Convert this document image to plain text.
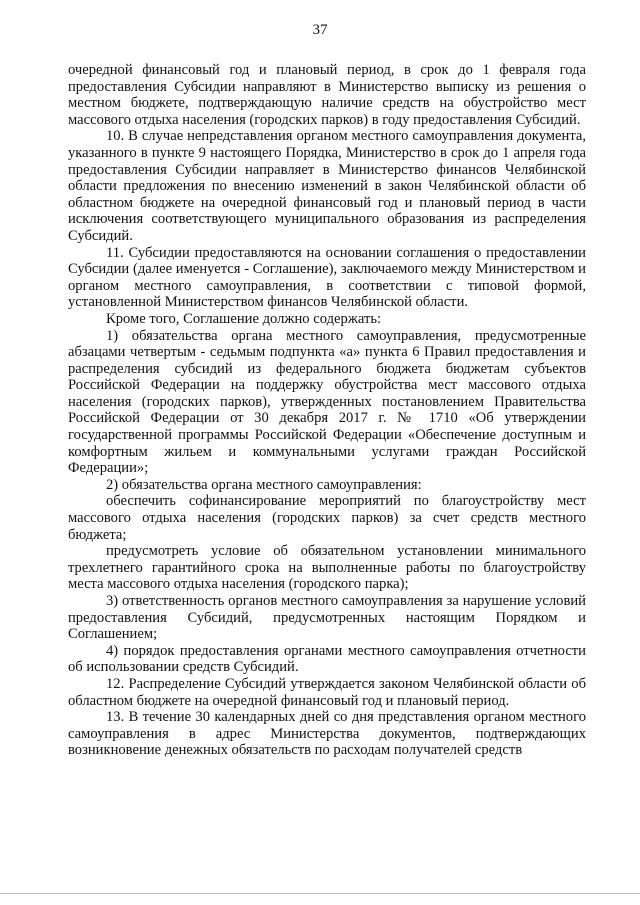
37

очередной финансовый год и плановый период, в срок до 1 февраля года предоставления Субсидии направляют в Министерство выписку из решения о местном бюджете, подтверждающую наличие средств на обустройство мест массового отдыха населения (городских парков) в году предоставления Субсидий.

10. В случае непредставления органом местного самоуправления документа, указанного в пункте 9 настоящего Порядка, Министерство в срок до 1 апреля года предоставления Субсидии направляет в Министерство финансов Челябинской области предложения по внесению изменений в закон Челябинской области об областном бюджете на очередной финансовый год и плановый период в части исключения соответствующего муниципального образования из распределения Субсидий.

11. Субсидии предоставляются на основании соглашения о предоставлении Субсидии (далее именуется - Соглашение), заключаемого между Министерством и органом местного самоуправления, в соответствии с типовой формой, установленной Министерством финансов Челябинской области.

Кроме того, Соглашение должно содержать:

1) обязательства органа местного самоуправления, предусмотренные абзацами четвертым - седьмым подпункта «а» пункта 6 Правил предоставления и распределения субсидий из федерального бюджета бюджетам субъектов Российской Федерации на поддержку обустройства мест массового отдыха населения (городских парков), утвержденных постановлением Правительства Российской Федерации от 30 декабря 2017 г. № 1710 «Об утверждении государственной программы Российской Федерации «Обеспечение доступным и комфортным жильем и коммунальными услугами граждан Российской Федерации»;

2) обязательства органа местного самоуправления:

обеспечить софинансирование мероприятий по благоустройству мест массового отдыха населения (городских парков) за счет средств местного бюджета;

предусмотреть условие об обязательном установлении минимального трехлетнего гарантийного срока на выполненные работы по благоустройству места массового отдыха населения (городского парка);

3) ответственность органов местного самоуправления за нарушение условий предоставления Субсидий, предусмотренных настоящим Порядком и Соглашением;

4) порядок предоставления органами местного самоуправления отчетности об использовании средств Субсидий.

12. Распределение Субсидий утверждается законом Челябинской области об областном бюджете на очередной финансовый год и плановый период.

13. В течение 30 календарных дней со дня представления органом местного самоуправления в адрес Министерства документов, подтверждающих возникновение денежных обязательств по расходам получателей средств
